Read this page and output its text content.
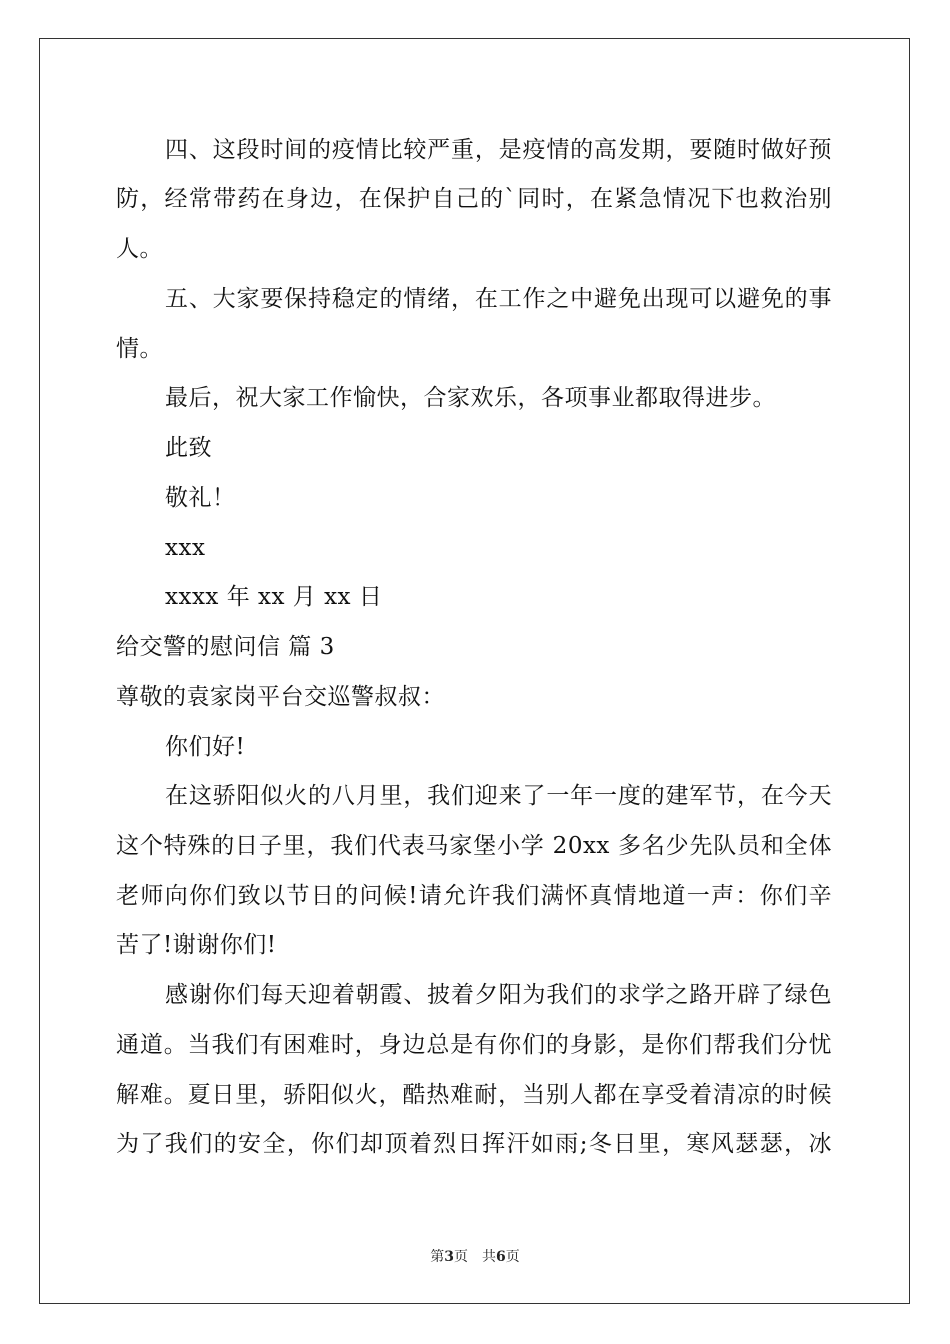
四、这段时间的疫情比较严重，是疫情的高发期，要随时做好预
防，经常带药在身边，在保护自己的`同时，在紧急情况下也救治别
人。
五、大家要保持稳定的情绪，在工作之中避免出现可以避免的事
情。
最后，祝大家工作愉快，合家欢乐，各项事业都取得进步。
此致
敬礼！
xxx
xxxx 年 xx 月 xx 日
给交警的慰问信 篇 3
尊敬的袁家岗平台交巡警叔叔：
你们好!
在这骄阳似火的八月里，我们迎来了一年一度的建军节，在今天
这个特殊的日子里，我们代表马家堡小学 20xx 多名少先队员和全体
老师向你们致以节日的问候!请允许我们满怀真情地道一声：你们辛
苦了!谢谢你们!
感谢你们每天迎着朝霞、披着夕阳为我们的求学之路开辟了绿色
通道。当我们有困难时，身边总是有你们的身影，是你们帮我们分忧
解难。夏日里，骄阳似火，酷热难耐，当别人都在享受着清凉的时候
为了我们的安全，你们却顶着烈日挥汗如雨;冬日里，寒风瑟瑟，冰
第3页 共6页
